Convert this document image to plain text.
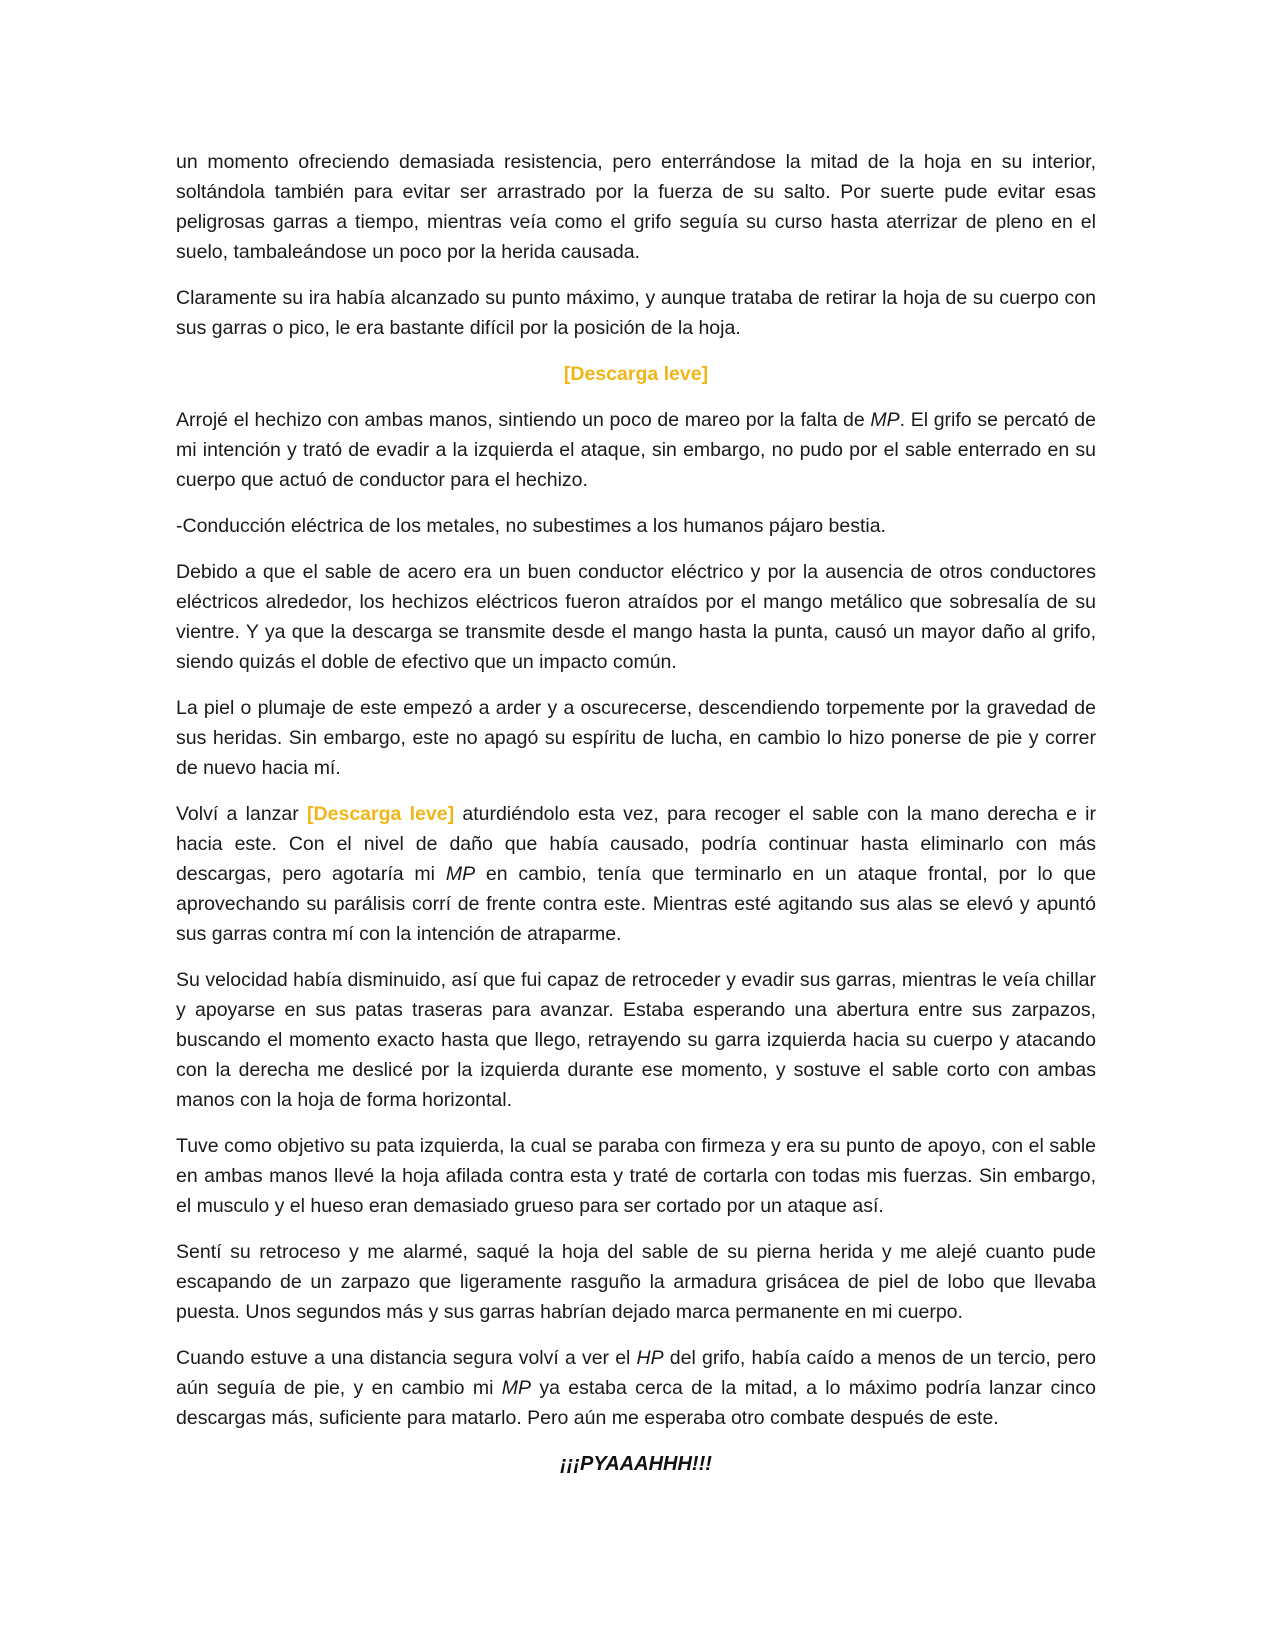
un momento ofreciendo demasiada resistencia, pero enterrándose la mitad de la hoja en su interior, soltándola también para evitar ser arrastrado por la fuerza de su salto. Por suerte pude evitar esas peligrosas garras a tiempo, mientras veía como el grifo seguía su curso hasta aterrizar de pleno en el suelo, tambaleándose un poco por la herida causada.

Claramente su ira había alcanzado su punto máximo, y aunque trataba de retirar la hoja de su cuerpo con sus garras o pico, le era bastante difícil por la posición de la hoja.

[Descarga leve]

Arrojé el hechizo con ambas manos, sintiendo un poco de mareo por la falta de MP. El grifo se percató de mi intención y trató de evadir a la izquierda el ataque, sin embargo, no pudo por el sable enterrado en su cuerpo que actuó de conductor para el hechizo.

-Conducción eléctrica de los metales, no subestimes a los humanos pájaro bestia.

Debido a que el sable de acero era un buen conductor eléctrico y por la ausencia de otros conductores eléctricos alrededor, los hechizos eléctricos fueron atraídos por el mango metálico que sobresalía de su vientre. Y ya que la descarga se transmite desde el mango hasta la punta, causó un mayor daño al grifo, siendo quizás el doble de efectivo que un impacto común.

La piel o plumaje de este empezó a arder y a oscurecerse, descendiendo torpemente por la gravedad de sus heridas. Sin embargo, este no apagó su espíritu de lucha, en cambio lo hizo ponerse de pie y correr de nuevo hacia mí.

Volví a lanzar [Descarga leve] aturdiéndolo esta vez, para recoger el sable con la mano derecha e ir hacia este. Con el nivel de daño que había causado, podría continuar hasta eliminarlo con más descargas, pero agotaría mi MP en cambio, tenía que terminarlo en un ataque frontal, por lo que aprovechando su parálisis corrí de frente contra este. Mientras esté agitando sus alas se elevó y apuntó sus garras contra mí con la intención de atraparme.

Su velocidad había disminuido, así que fui capaz de retroceder y evadir sus garras, mientras le veía chillar y apoyarse en sus patas traseras para avanzar. Estaba esperando una abertura entre sus zarpazos, buscando el momento exacto hasta que llego, retrayendo su garra izquierda hacia su cuerpo y atacando con la derecha me deslicé por la izquierda durante ese momento, y sostuve el sable corto con ambas manos con la hoja de forma horizontal.

Tuve como objetivo su pata izquierda, la cual se paraba con firmeza y era su punto de apoyo, con el sable en ambas manos llevé la hoja afilada contra esta y traté de cortarla con todas mis fuerzas. Sin embargo, el musculo y el hueso eran demasiado grueso para ser cortado por un ataque así.

Sentí su retroceso y me alarmé, saqué la hoja del sable de su pierna herida y me alejé cuanto pude escapando de un zarpazo que ligeramente rasguño la armadura grisácea de piel de lobo que llevaba puesta. Unos segundos más y sus garras habrían dejado marca permanente en mi cuerpo.

Cuando estuve a una distancia segura volví a ver el HP del grifo, había caído a menos de un tercio, pero aún seguía de pie, y en cambio mi MP ya estaba cerca de la mitad, a lo máximo podría lanzar cinco descargas más, suficiente para matarlo. Pero aún me esperaba otro combate después de este.

¡¡¡PYAAAHHH!!!
